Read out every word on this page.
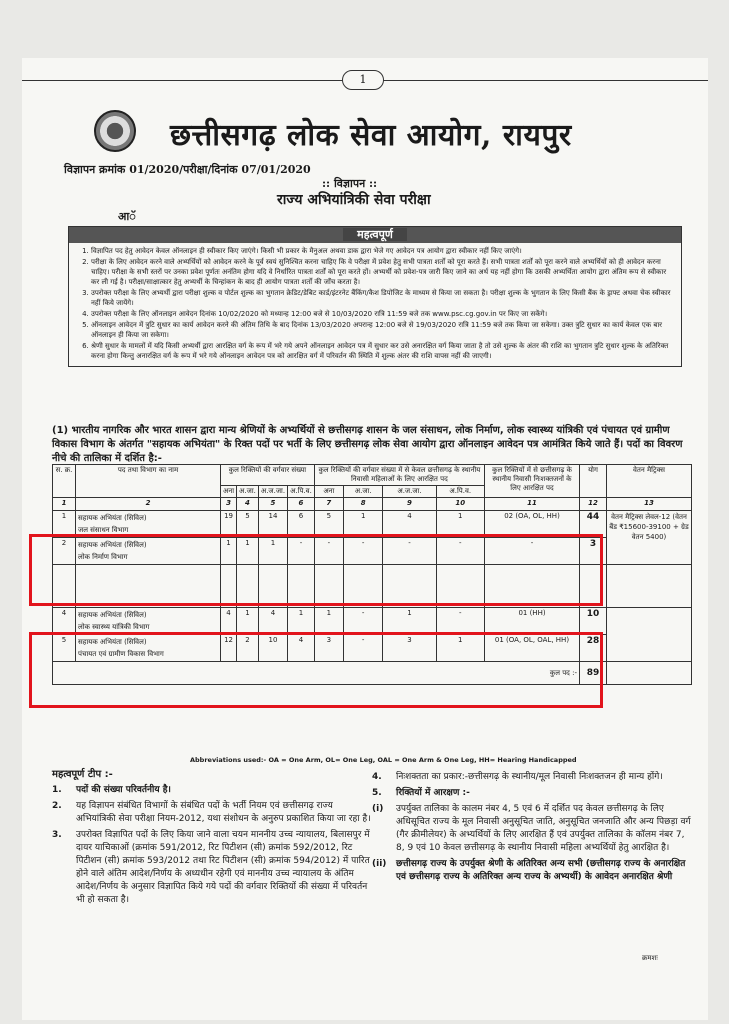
1
छत्तीसगढ़ लोक सेवा आयोग, रायपुर
विज्ञापन क्रमांक 01/2020/परीक्षा/दिनांक 07/01/2020
:: विज्ञापन ::
राज्य अभियांत्रिकी सेवा परीक्षा
आॅ
महत्वपूर्ण
1. विज्ञापित पद हेतु आवेदन केवल ऑनलाइन ही स्वीकार किए जाएंगे। किसी भी प्रकार के मैनुअल अथवा डाक द्वारा भेजे गए आवेदन पत्र आयोग द्वारा स्वीकार नहीं किए जाएंगे।
2. परीक्षा के लिए आवेदन करने वाले अभ्यर्थियों को आवेदन करने के पूर्व स्वयं सुनिश्चित करना चाहिए कि वे परीक्षा में प्रवेश हेतु सभी पात्रता शर्तों को पूरा करते हैं। सभी पात्रता शर्तों को पूरा करने वाले अभ्यर्थियों को ही आवेदन करना चाहिए। परीक्षा के सभी स्तरों पर उनका प्रवेश पूर्णतः अनंतिम होगा यदि वे निर्धारित पात्रता शर्तों को पूरा करते हों। अभ्यर्थी को प्रवेश-पत्र जारी किए जाने का अर्थ यह नहीं होगा कि उसकी अभ्यर्थिता आयोग द्वारा अंतिम रूप से स्वीकार कर ली गई है। परीक्षा/साक्षात्कार हेतु अभ्यर्थी के चिन्हांकन के बाद ही आयोग पात्रता शर्तों की जाँच करता है।
3. उपरोक्त परीक्षा के लिए अभ्यर्थी द्वारा परीक्षा शुल्क व पोर्टल शुल्क का भुगतान क्रेडिट/डेबिट कार्ड/इंटरनेट बैंकिंग/कैश डिपोजिट के माध्यम से किया जा सकता है। परीक्षा शुल्क के भुगतान के लिए किसी बैंक के ड्राफ्ट अथवा चेक स्वीकार नहीं किये जायेंगे।
4. उपरोक्त परीक्षा के लिए ऑनलाइन आवेदन दिनांक 10/02/2020 को मध्यान्ह 12:00 बजे से 10/03/2020 रात्रि 11:59 बजे तक www.psc.cg.gov.in पर किए जा सकेंगे।
5. ऑनलाइन आवेदन में त्रुटि सुधार का कार्य आवेदन करने की अंतिम तिथि के बाद दिनांक 13/03/2020 अपरान्ह 12:00 बजे से 19/03/2020 रात्रि 11:59 बजे तक किया जा सकेगा। उक्त त्रुटि सुधार का कार्य केवल एक बार ऑनलाइन ही किया जा सकेगा।
6. श्रेणी सुधार के मामलों में यदि किसी अभ्यर्थी द्वारा आरक्षित वर्ग के रूप में भरे गये अपने ऑनलाइन आवेदन पत्र में सुधार कर उसे अनारक्षित वर्ग किया जाता है तो उसे शुल्क के अंतर की राशि का भुगतान त्रुटि सुधार शुल्क के अतिरिक्त करना होगा किन्तु अनारक्षित वर्ग के रूप में भरे गये ऑनलाइन आवेदन पत्र को आरक्षित वर्ग में परिवर्तन की स्थिति में शुल्क अंतर की राशि वापस नहीं की जाएगी।
(1) भारतीय नागरिक और भारत शासन द्वारा मान्य श्रेणियों के अभ्यर्थियों से छत्तीसगढ़ शासन के जल संसाधन, लोक निर्माण, लोक स्वास्थ्य यांत्रिकी एवं पंचायत एवं ग्रामीण विकास विभाग के अंतर्गत "सहायक अभियंता" के रिक्त पदों पर भर्ती के लिए छत्तीसगढ़ लोक सेवा आयोग द्वारा ऑनलाइन आवेदन पत्र आमंत्रित किये जाते हैं। पदों का विवरण नीचे की तालिका में दर्शित है:-
स. क्र.	पद तथा विभाग का नाम	कुल रिक्तियों की वर्गवार संख्या				कुल रिक्तियों की वर्गवार संख्या में से केवल छत्तीसगढ़ के स्थानीय निवासी महिलाओं के लिए आरक्षित पद				कुल रिक्तियों में से छत्तीसगढ़ के स्थानीय निवासी निःशक्तजनों के लिए आरक्षित पद	योग	वेतन मैट्रिक्स
		अना	अ.जा.	अ.ज.जा.	अ.पि.व.	अना	अ.जा.	अ.ज.जा.	अ.पि.व.			
1	2	3	4	5	6	7	8	9	10	11	12	13
1	सहायक अभियंता (सिविल)
जल संसाधन विभाग	19	5	14	6	5	1	4	1	02 (OA, OL, HH)	44	वेतन मैट्रिक्स लेवल-12 (वेतन बैंड ₹15600-39100 + ग्रेड वेतन 5400)
2	सहायक अभियंता (सिविल)
लोक निर्माण विभाग	1	1	1	-	-	-	-	-	-	3	

4	सहायक अभियंता (सिविल)
लोक स्वास्थ्य यांत्रिकी विभाग	4	1	4	1	1	-	1	-	01 (HH)	10	
5	सहायक अभियंता (सिविल)
पंचायत एवं ग्रामीण विकास विभाग	12	2	10	4	3	-	3	1	01 (OA, OL, OAL, HH)	28	
कुल पद :-											89	
Abbreviations used:- OA = One Arm, OL= One Leg, OAL = One Arm & One Leg, HH= Hearing Handicapped
महत्वपूर्ण टीप :-
1.	पदों की संख्या परिवर्तनीय है।
2.	यह विज्ञापन संबंधित विभागों के संबंधित पदों के भर्ती नियम एवं छत्तीसगढ़ राज्य अभियांत्रिकी सेवा परीक्षा नियम-2012, यथा संशोधन के अनुरुप प्रकाशित किया जा रहा है।
3.	उपरोक्त विज्ञापित पदों के लिए किया जाने वाला चयन माननीय उच्च न्यायालय, बिलासपुर में दायर याचिकाओं (क्रमांक 591/2012, रिट पिटीशन (सी) क्रमांक 592/2012, रिट पिटीशन (सी) क्रमांक 593/2012 तथा रिट पिटीशन (सी) क्रमांक 594/2012) में पारित होने वाले अंतिम आदेश/निर्णय के अध्यधीन रहेगी एवं माननीय उच्च न्यायालय के अंतिम आदेश/निर्णय के अनुसार विज्ञापित किये गये पदों की वर्गवार रिक्तियों की संख्या में परिवर्तन भी हो सकता है।
4.	निःशक्तता का प्रकार:-छत्तीसगढ़ के स्थानीय/मूल निवासी निःशक्तजन ही मान्य होंगे।
5.	रिक्तियों में आरक्षण :-
(i)	उपर्युक्त तालिका के कालम नंबर 4, 5 एवं 6 में दर्शित पद केवल छत्तीसगढ़ के लिए अधिसूचित राज्य के मूल निवासी अनुसूचित जाति, अनुसूचित जनजाति और अन्य पिछड़ा वर्ग (गैर क्रीमीलेयर) के अभ्यर्थियों के लिए आरक्षित हैं एवं उपर्युक्त तालिका के कॉलम नंबर 7, 8, 9 एवं 10 केवल छत्तीसगढ़ के स्थानीय निवासी महिला अभ्यर्थियों हेतु आरक्षित है।
(ii)	छत्तीसगढ़ राज्य के उपर्युक्त श्रेणी के अतिरिक्त अन्य सभी (छत्तीसगढ़ राज्य के अनारक्षित एवं छत्तीसगढ़ राज्य के अतिरिक्त अन्य राज्य के अभ्यर्थी) के आवेदन अनारक्षित श्रेणी
क्रमशः
